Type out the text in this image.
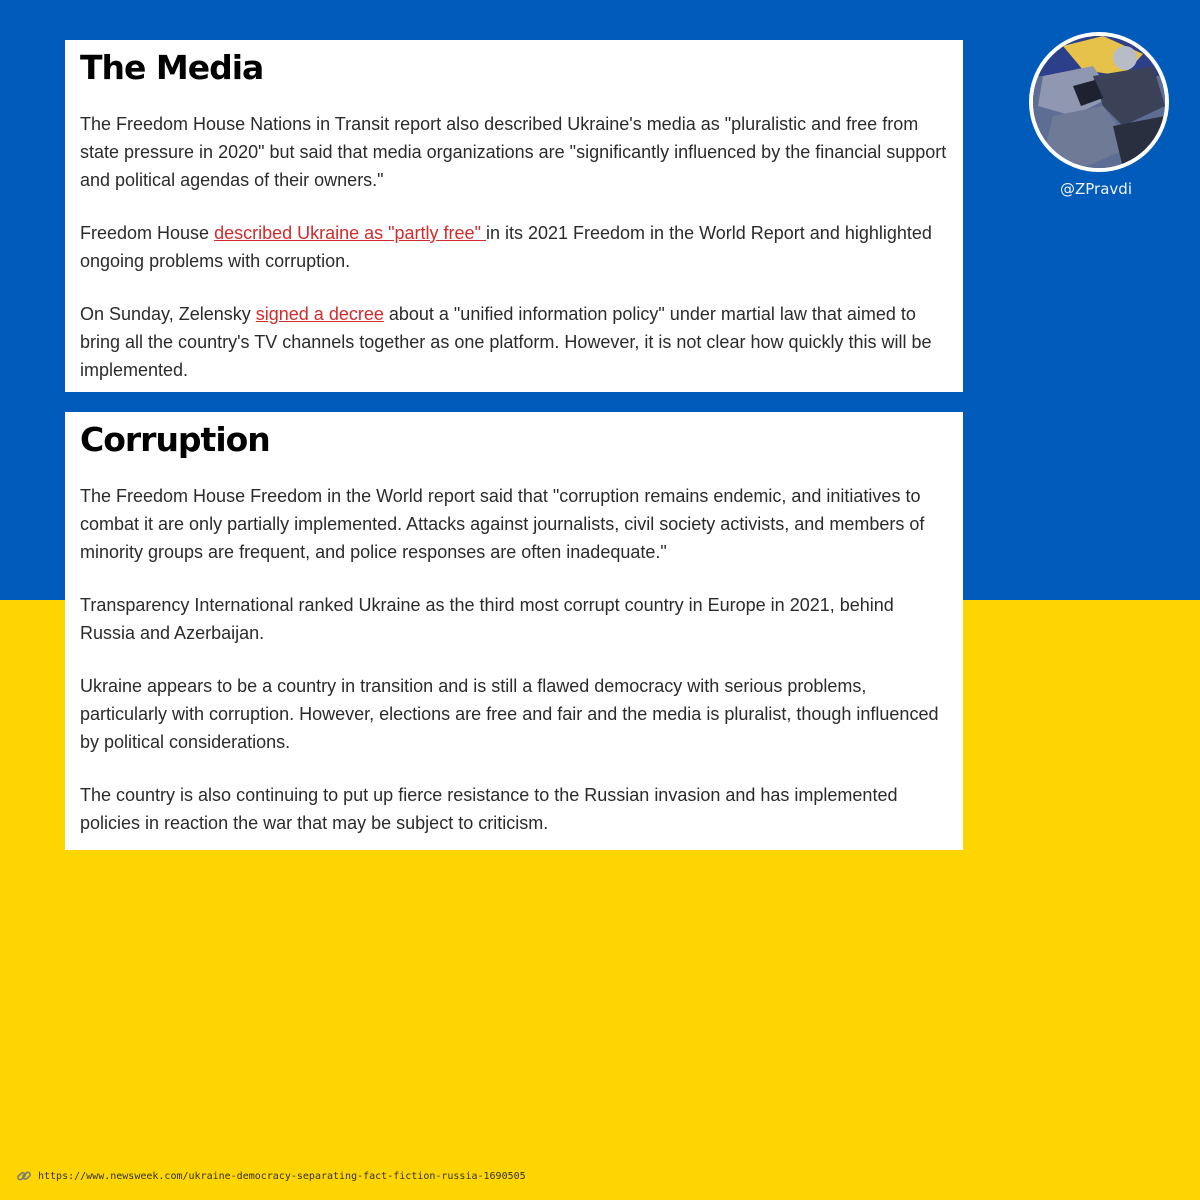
The Media

The Freedom House Nations in Transit report also described Ukraine's media as "pluralistic and free from state pressure in 2020" but said that media organizations are "significantly influenced by the financial support and political agendas of their owners."

Freedom House described Ukraine as "partly free" in its 2021 Freedom in the World Report and highlighted ongoing problems with corruption.

On Sunday, Zelensky signed a decree about a "unified information policy" under martial law that aimed to bring all the country's TV channels together as one platform. However, it is not clear how quickly this will be implemented.

Corruption

The Freedom House Freedom in the World report said that "corruption remains endemic, and initiatives to combat it are only partially implemented. Attacks against journalists, civil society activists, and members of minority groups are frequent, and police responses are often inadequate."

Transparency International ranked Ukraine as the third most corrupt country in Europe in 2021, behind Russia and Azerbaijan.

Ukraine appears to be a country in transition and is still a flawed democracy with serious problems, particularly with corruption. However, elections are free and fair and the media is pluralist, though influenced by political considerations.

The country is also continuing to put up fierce resistance to the Russian invasion and has implemented policies in reaction the war that may be subject to criticism.

@ZPravdi
https://www.newsweek.com/ukraine-democracy-separating-fact-fiction-russia-1690505
